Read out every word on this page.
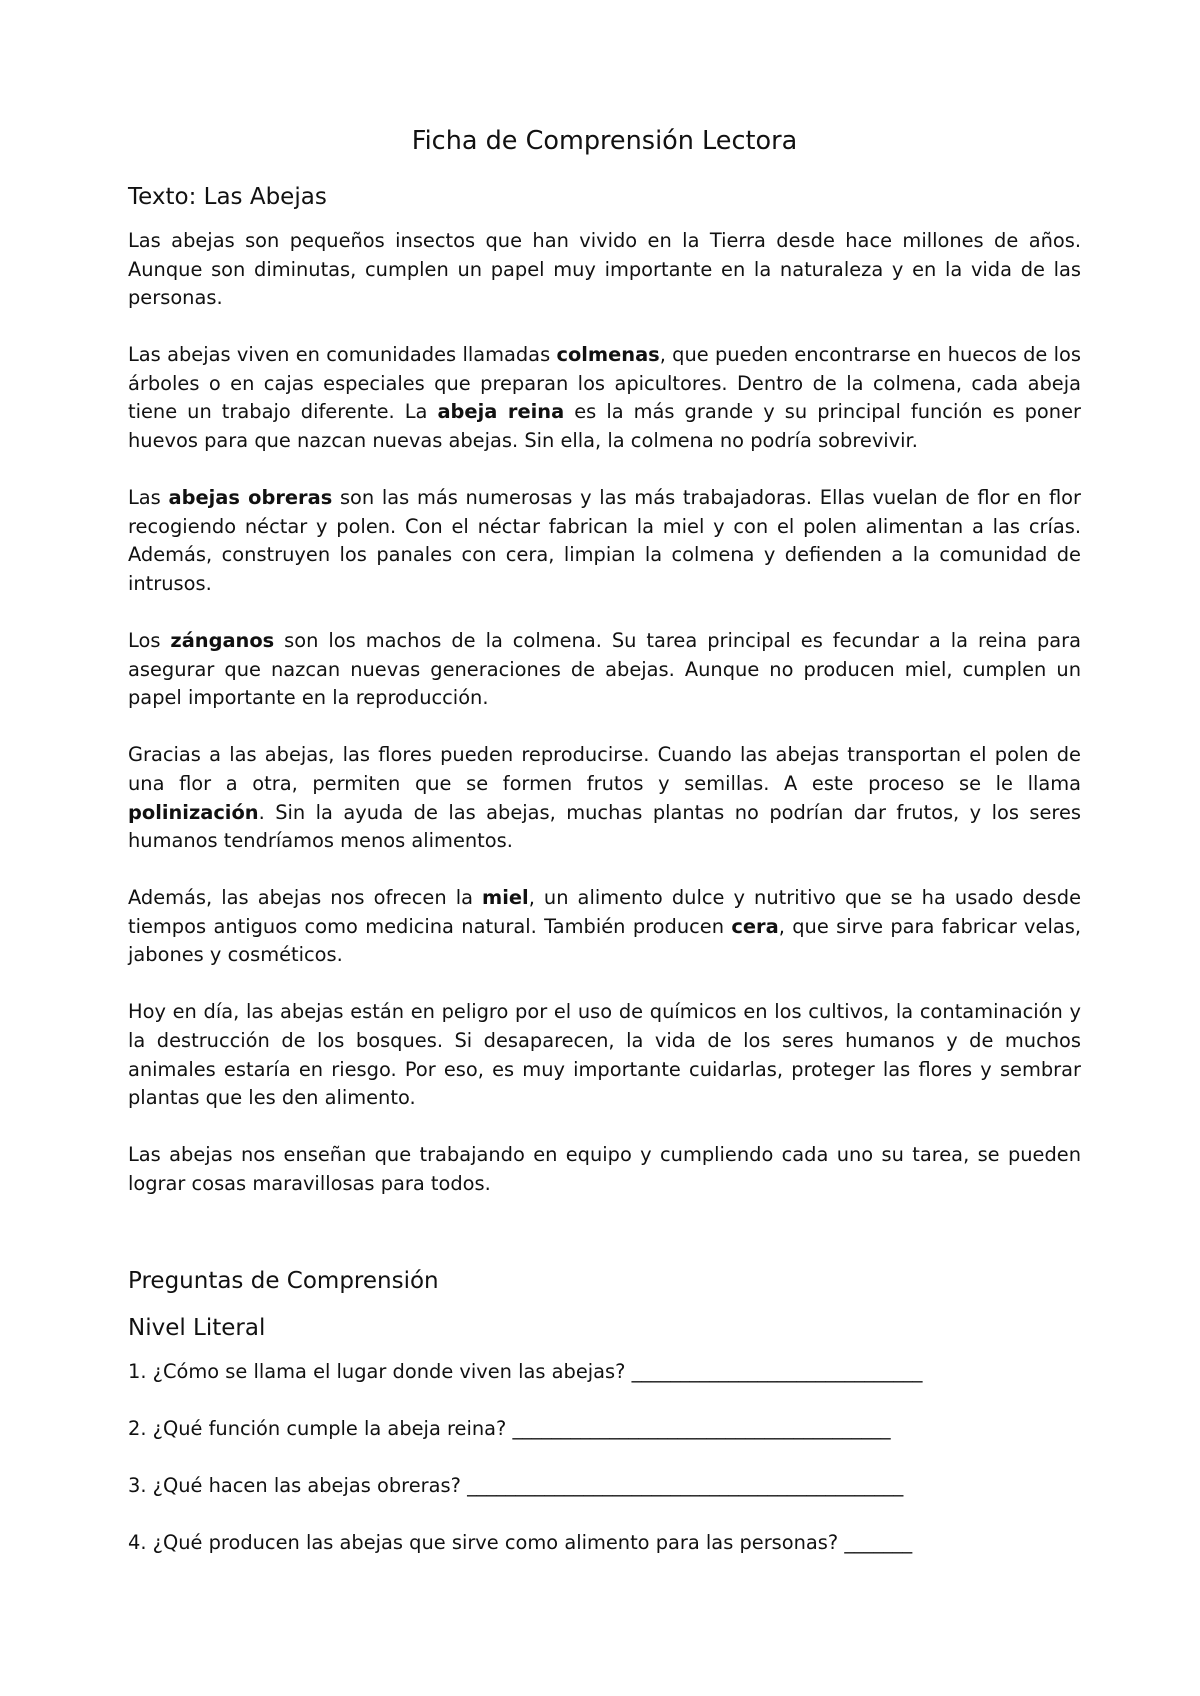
Ficha de Comprensión Lectora
Texto: Las Abejas

Las abejas son pequeños insectos que han vivido en la Tierra desde hace millones de años. Aunque son diminutas, cumplen un papel muy importante en la naturaleza y en la vida de las personas.

Las abejas viven en comunidades llamadas colmenas, que pueden encontrarse en huecos de los árboles o en cajas especiales que preparan los apicultores. Dentro de la colmena, cada abeja tiene un trabajo diferente. La abeja reina es la más grande y su principal función es poner huevos para que nazcan nuevas abejas. Sin ella, la colmena no podría sobrevivir.

Las abejas obreras son las más numerosas y las más trabajadoras. Ellas vuelan de flor en flor recogiendo néctar y polen. Con el néctar fabrican la miel y con el polen alimentan a las crías. Además, construyen los panales con cera, limpian la colmena y defienden a la comunidad de intrusos.

Los zánganos son los machos de la colmena. Su tarea principal es fecundar a la reina para asegurar que nazcan nuevas generaciones de abejas. Aunque no producen miel, cumplen un papel importante en la reproducción.

Gracias a las abejas, las flores pueden reproducirse. Cuando las abejas transportan el polen de una flor a otra, permiten que se formen frutos y semillas. A este proceso se le llama polinización. Sin la ayuda de las abejas, muchas plantas no podrían dar frutos, y los seres humanos tendríamos menos alimentos.

Además, las abejas nos ofrecen la miel, un alimento dulce y nutritivo que se ha usado desde tiempos antiguos como medicina natural. También producen cera, que sirve para fabricar velas, jabones y cosméticos.

Hoy en día, las abejas están en peligro por el uso de químicos en los cultivos, la contaminación y la destrucción de los bosques. Si desaparecen, la vida de los seres humanos y de muchos animales estaría en riesgo. Por eso, es muy importante cuidarlas, proteger las flores y sembrar plantas que les den alimento.

Las abejas nos enseñan que trabajando en equipo y cumpliendo cada uno su tarea, se pueden lograr cosas maravillosas para todos.

Preguntas de Comprensión
Nivel Literal
1. ¿Cómo se llama el lugar donde viven las abejas? ______________________________
2. ¿Qué función cumple la abeja reina? _______________________________________
3. ¿Qué hacen las abejas obreras? _____________________________________________
4. ¿Qué producen las abejas que sirve como alimento para las personas? _______
